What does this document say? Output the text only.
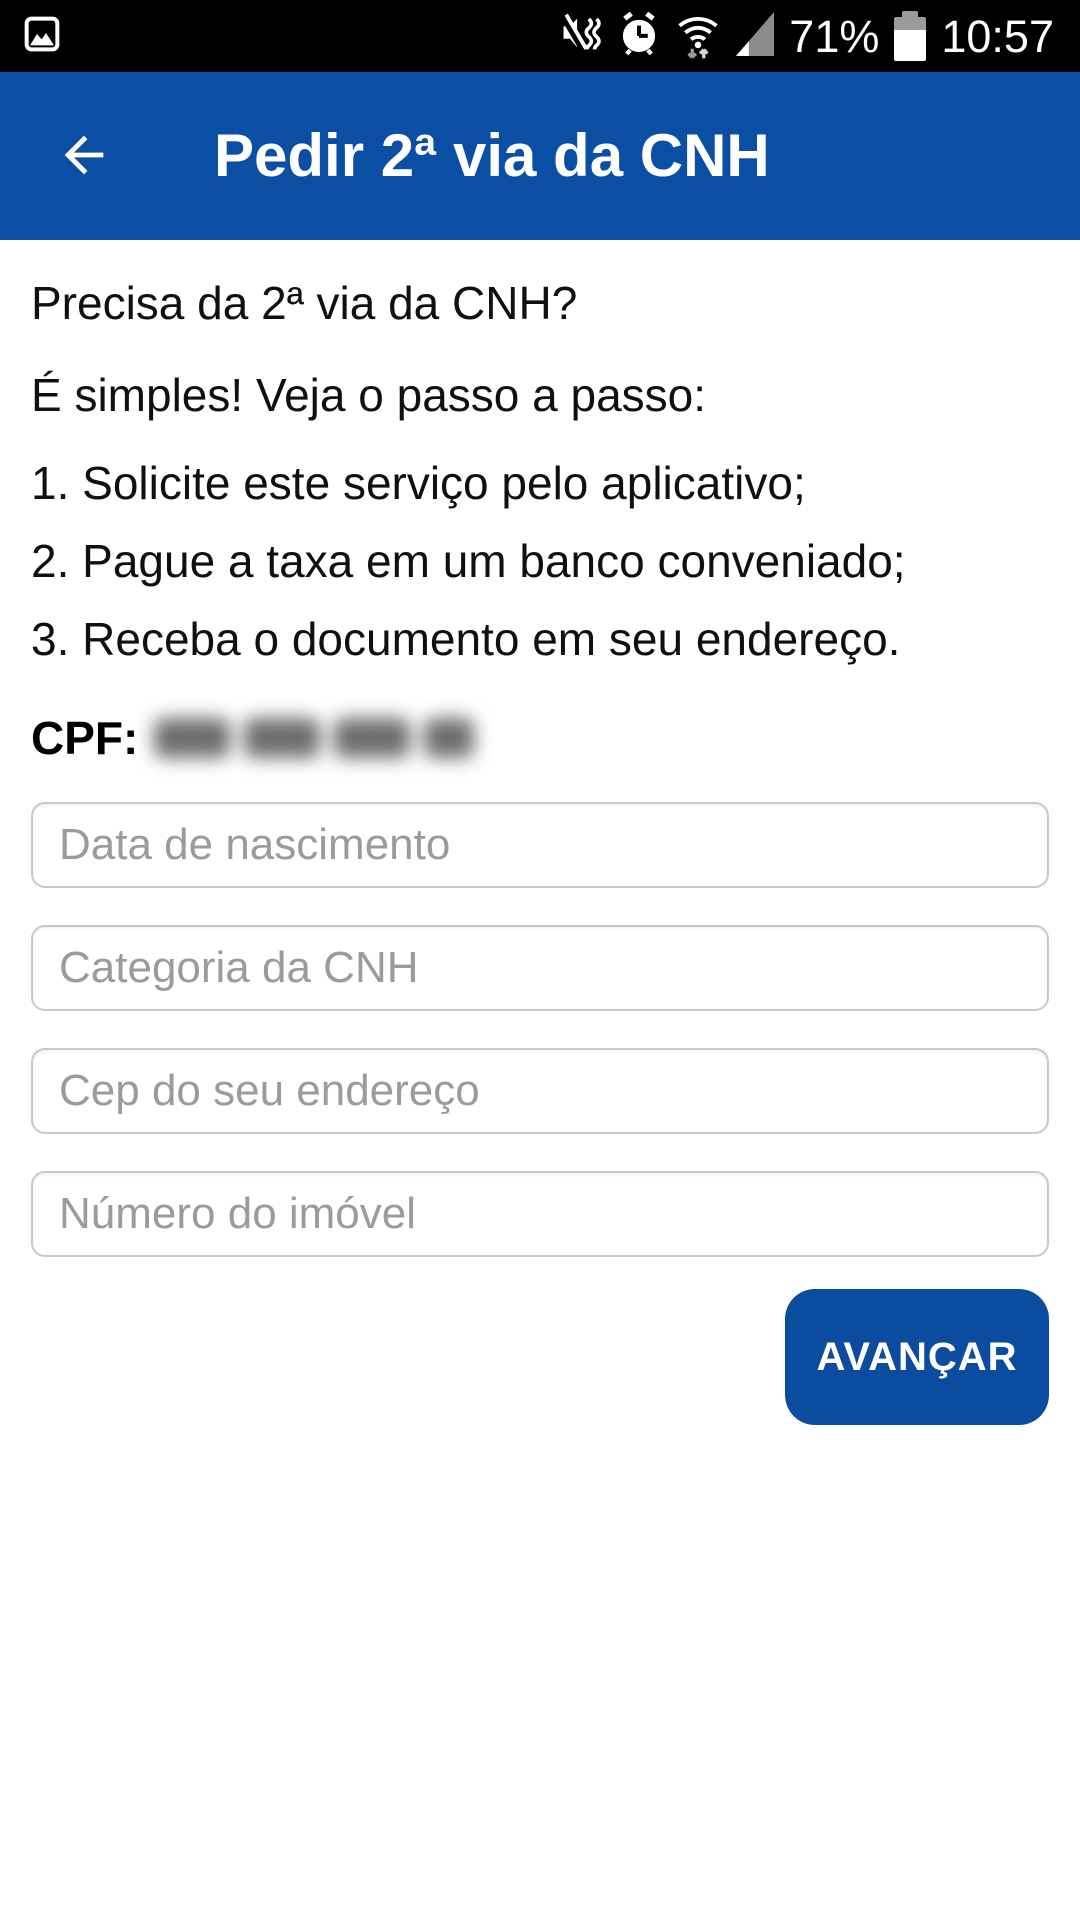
71% 10:57
Pedir 2ª via da CNH

Precisa da 2ª via da CNH?

É simples! Veja o passo a passo:

1. Solicite este serviço pelo aplicativo;

2. Pague a taxa em um banco conveniado;

3. Receba o documento em seu endereço.

CPF:
Data de nascimento
Categoria da CNH
Cep do seu endereço
Número do imóvel
AVANÇAR
